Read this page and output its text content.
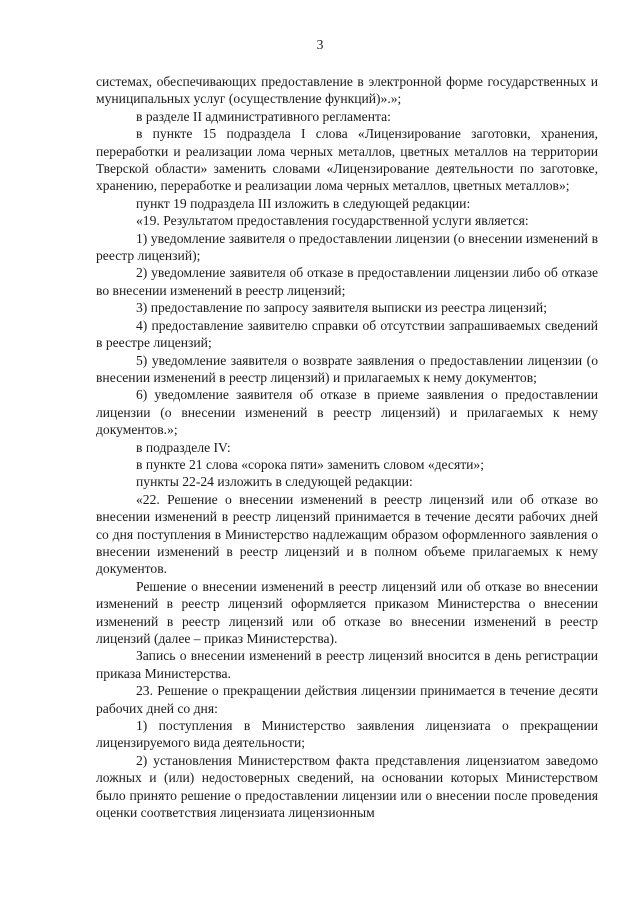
3

системах, обеспечивающих предоставление в электронной форме государственных и муниципальных услуг (осуществление функций)».»;

в разделе II административного регламента:

в пункте 15 подраздела I слова «Лицензирование заготовки, хранения, переработки и реализации лома черных металлов, цветных металлов на территории Тверской области» заменить словами «Лицензирование деятельности по заготовке, хранению, переработке и реализации лома черных металлов, цветных металлов»;

пункт 19 подраздела III изложить в следующей редакции:

«19. Результатом предоставления государственной услуги является:

1) уведомление заявителя о предоставлении лицензии (о внесении изменений в реестр лицензий);

2) уведомление заявителя об отказе в предоставлении лицензии либо об отказе во внесении изменений в реестр лицензий;

3) предоставление по запросу заявителя выписки из реестра лицензий;

4) предоставление заявителю справки об отсутствии запрашиваемых сведений в реестре лицензий;

5) уведомление заявителя о возврате заявления о предоставлении лицензии (о внесении изменений в реестр лицензий) и прилагаемых к нему документов;

6) уведомление заявителя об отказе в приеме заявления о предоставлении лицензии (о внесении изменений в реестр лицензий) и прилагаемых к нему документов.»;

в подразделе IV:

в пункте 21 слова «сорока пяти» заменить словом «десяти»;

пункты 22-24 изложить в следующей редакции:

«22. Решение о внесении изменений в реестр лицензий или об отказе во внесении изменений в реестр лицензий принимается в течение десяти рабочих дней со дня поступления в Министерство надлежащим образом оформленного заявления о внесении изменений в реестр лицензий и в полном объеме прилагаемых к нему документов.

Решение о внесении изменений в реестр лицензий или об отказе во внесении изменений в реестр лицензий оформляется приказом Министерства о внесении изменений в реестр лицензий или об отказе во внесении изменений в реестр лицензий (далее – приказ Министерства).

Запись о внесении изменений в реестр лицензий вносится в день регистрации приказа Министерства.

23. Решение о прекращении действия лицензии принимается в течение десяти рабочих дней со дня:

1) поступления в Министерство заявления лицензиата о прекращении лицензируемого вида деятельности;

2) установления Министерством факта представления лицензиатом заведомо ложных и (или) недостоверных сведений, на основании которых Министерством было принято решение о предоставлении лицензии или о внесении после проведения оценки соответствия лицензиата лицензионным
